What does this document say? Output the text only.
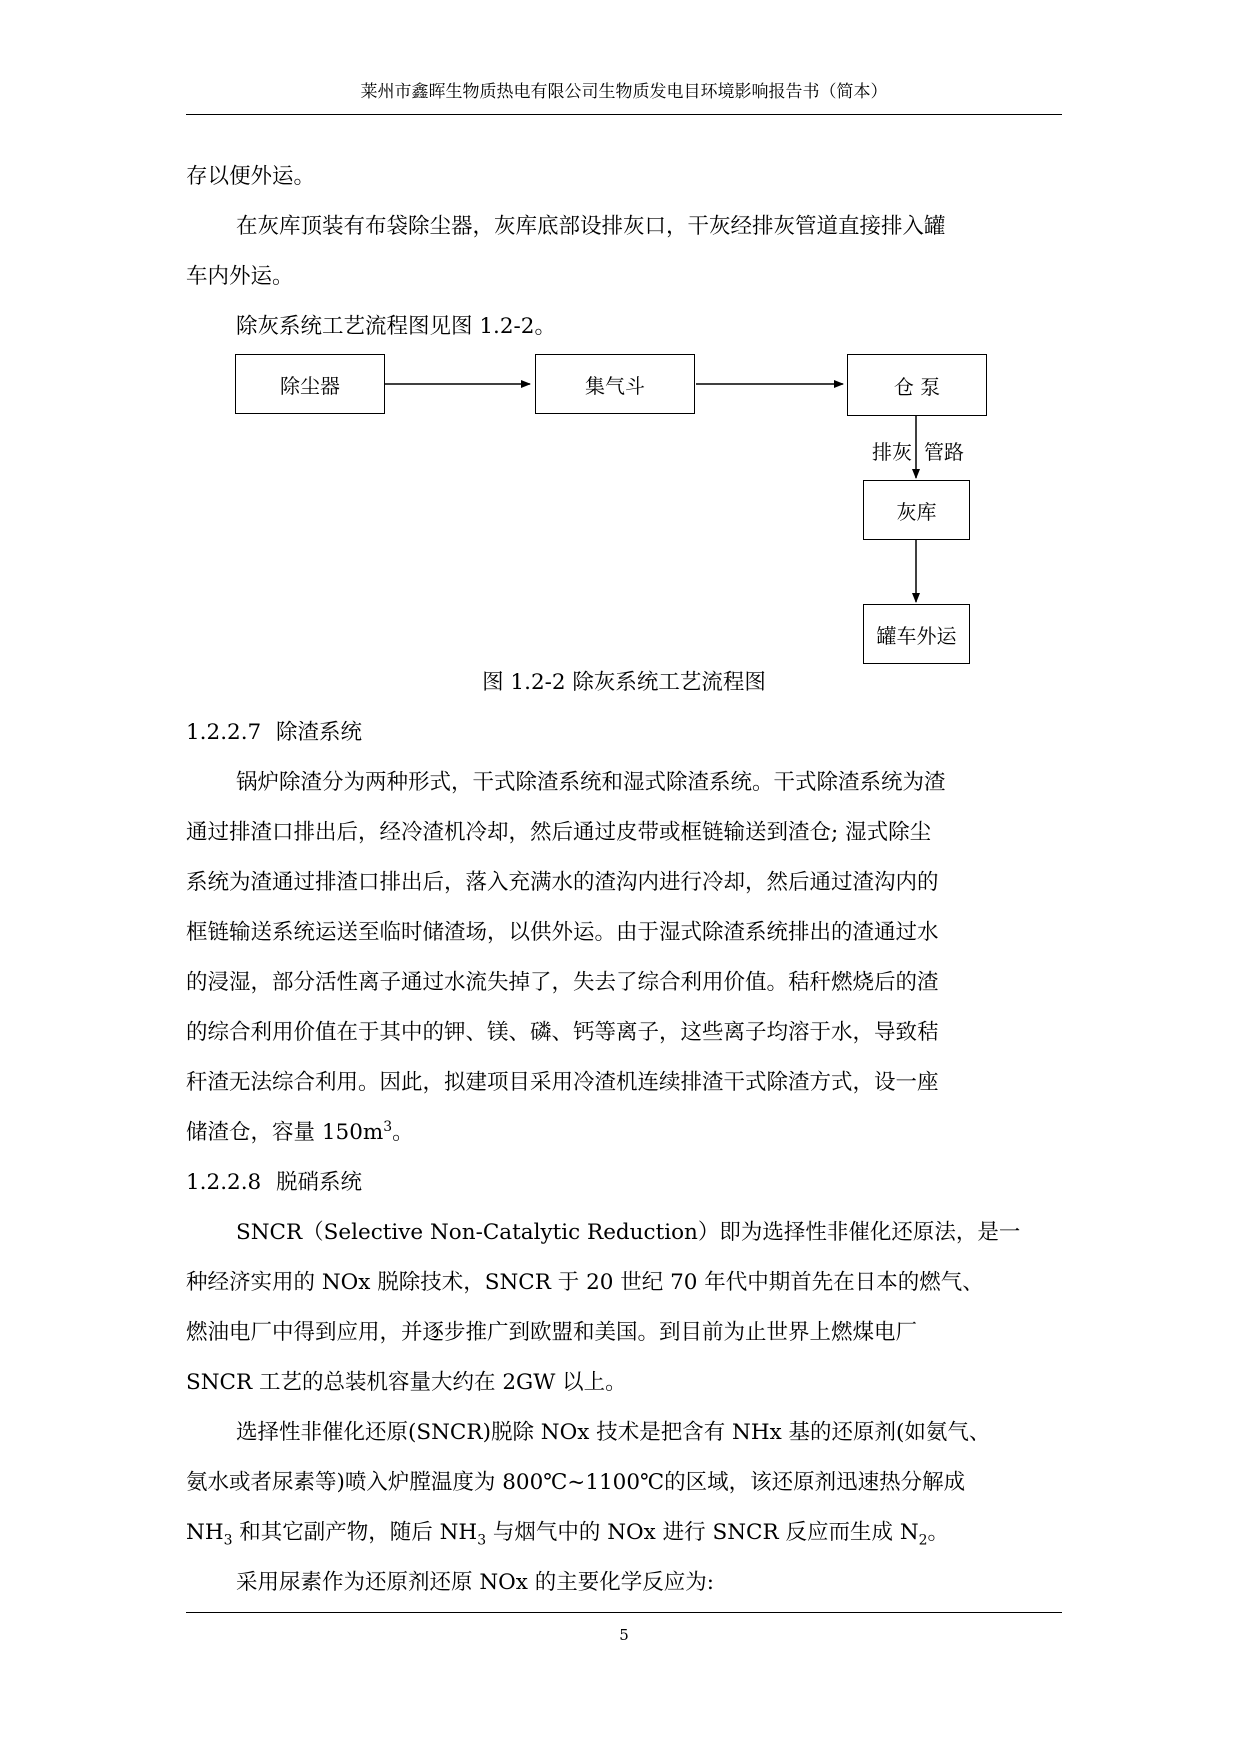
莱州市鑫晖生物质热电有限公司生物质发电目环境影响报告书（简本）
存以便外运。
在灰库顶装有布袋除尘器，灰库底部设排灰口，干灰经排灰管道直接排入罐
车内外运。
除灰系统工艺流程图见图 1.2-2。
除尘器	集气斗	仓 泵
排灰 管路
灰库
罐车外运
图 1.2-2 除灰系统工艺流程图
1.2.2.7 除渣系统
锅炉除渣分为两种形式，干式除渣系统和湿式除渣系统。干式除渣系统为渣
通过排渣口排出后，经冷渣机冷却，然后通过皮带或框链输送到渣仓; 湿式除尘
系统为渣通过排渣口排出后，落入充满水的渣沟内进行冷却，然后通过渣沟内的
框链输送系统运送至临时储渣场，以供外运。由于湿式除渣系统排出的渣通过水
的浸湿，部分活性离子通过水流失掉了，失去了综合利用价值。秸秆燃烧后的渣
的综合利用价值在于其中的钾、镁、磷、钙等离子，这些离子均溶于水，导致秸
秆渣无法综合利用。因此，拟建项目采用冷渣机连续排渣干式除渣方式，设一座
储渣仓，容量 $150m^3$。
1.2.2.8 脱硝系统
SNCR（Selective Non-Catalytic Reduction）即为选择性非催化还原法，是一
种经济实用的 NOx 脱除技术，SNCR 于 20 世纪 70 年代中期首先在日本的燃气、
燃油电厂中得到应用，并逐步推广到欧盟和美国。到目前为止世界上燃煤电厂
SNCR 工艺的总装机容量大约在 2GW 以上。
选择性非催化还原(SNCR)脱除 NOx 技术是把含有 NHx 基的还原剂(如氨气、
氨水或者尿素等)喷入炉膛温度为 800℃~1100℃的区域，该还原剂迅速热分解成
$NH_3$ 和其它副产物，随后 $NH_3$ 与烟气中的 NOx 进行 SNCR 反应而生成 $N_2$。
采用尿素作为还原剂还原 NOx 的主要化学反应为:
5
